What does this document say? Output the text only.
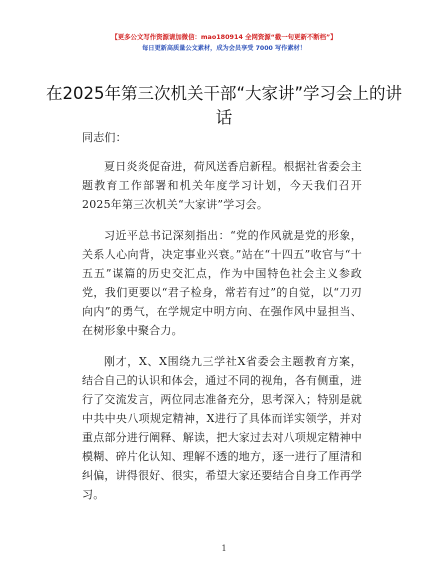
【更多公文写作资源请加微信：mao180914 全网资源“截一句更新不断档”】
每日更新高质量公文素材，成为会员享受 7000 写作素材！
在2025年第三次机关干部“大家讲”学习会上的讲话

同志们：

夏日炎炎促奋进，荷风送香启新程。根据社省委会主题教育工作部署和机关年度学习计划，今天我们召开2025年第三次机关“大家讲”学习会。

习近平总书记深刻指出：“党的作风就是党的形象，关系人心向背，决定事业兴衰。”站在“十四五”收官与“十五五”谋篇的历史交汇点，作为中国特色社会主义参政党，我们更要以“君子检身，常若有过”的自觉，以“刀刃向内”的勇气，在学规定中明方向、在强作风中显担当、在树形象中聚合力。

刚才，X、X围绕九三学社X省委会主题教育方案，结合自己的认识和体会，通过不同的视角，各有侧重，进行了交流发言，两位同志准备充分，思考深入；特别是就中共中央八项规定精神，X进行了具体而详实领学，并对重点部分进行阐释、解读，把大家过去对八项规定精神中模糊、碎片化认知、理解不透的地方，逐一进行了厘清和纠偏，讲得很好、很实，希望大家还要结合自身工作再学习。

1
